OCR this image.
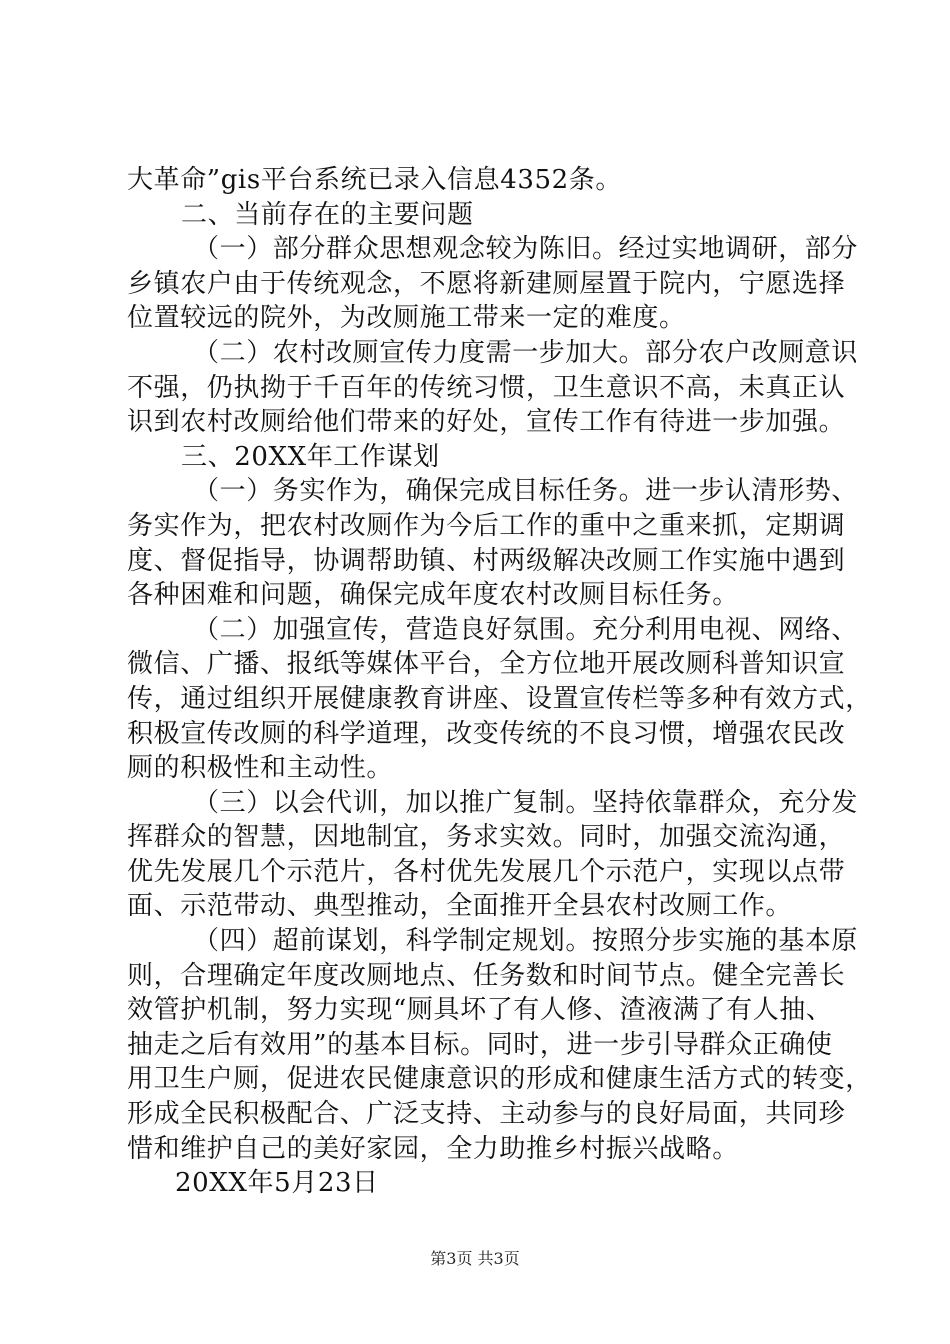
大革命”gis平台系统已录入信息4352条。
二、当前存在的主要问题
（一）部分群众思想观念较为陈旧。经过实地调研，部分
乡镇农户由于传统观念，不愿将新建厕屋置于院内，宁愿选择
位置较远的院外，为改厕施工带来一定的难度。
（二）农村改厕宣传力度需一步加大。部分农户改厕意识
不强，仍执拗于千百年的传统习惯，卫生意识不高，未真正认
识到农村改厕给他们带来的好处，宣传工作有待进一步加强。
三、20XX年工作谋划
（一）务实作为，确保完成目标任务。进一步认清形势、
务实作为，把农村改厕作为今后工作的重中之重来抓，定期调
度、督促指导，协调帮助镇、村两级解决改厕工作实施中遇到
各种困难和问题，确保完成年度农村改厕目标任务。
（二）加强宣传，营造良好氛围。充分利用电视、网络、
微信、广播、报纸等媒体平台，全方位地开展改厕科普知识宣
传，通过组织开展健康教育讲座、设置宣传栏等多种有效方式，
积极宣传改厕的科学道理，改变传统的不良习惯，增强农民改
厕的积极性和主动性。
（三）以会代训，加以推广复制。坚持依靠群众，充分发
挥群众的智慧，因地制宜，务求实效。同时，加强交流沟通，
优先发展几个示范片，各村优先发展几个示范户，实现以点带
面、示范带动、典型推动，全面推开全县农村改厕工作。
（四）超前谋划，科学制定规划。按照分步实施的基本原
则，合理确定年度改厕地点、任务数和时间节点。健全完善长
效管护机制，努力实现“厕具坏了有人修、渣液满了有人抽、
抽走之后有效用”的基本目标。同时，进一步引导群众正确使
用卫生户厕，促进农民健康意识的形成和健康生活方式的转变，
形成全民积极配合、广泛支持、主动参与的良好局面，共同珍
惜和维护自己的美好家园，全力助推乡村振兴战略。
20XX年5月23日
第3页 共3页
